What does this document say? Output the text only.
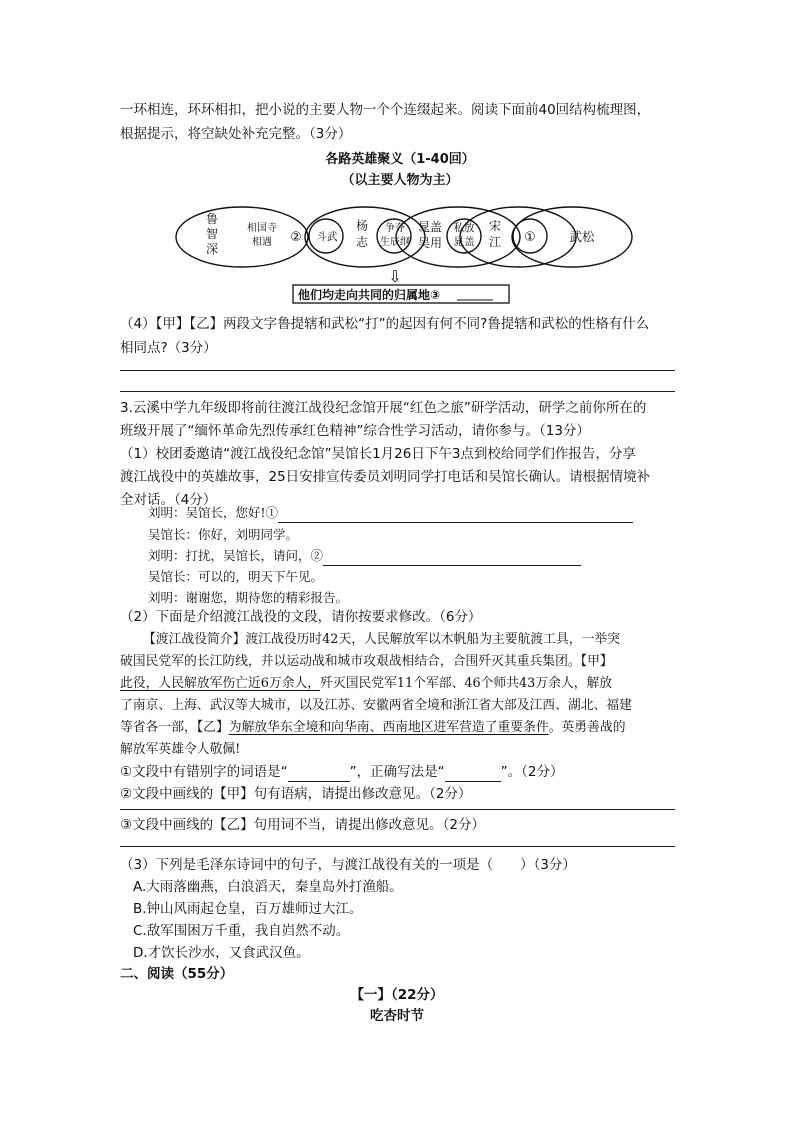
一环相连，环环相扣，把小说的主要人物一个个连缀起来。阅读下面前40回结构梳理图，
根据提示，将空缺处补充完整。（3分）
各路英雄聚义（1-40回）
（以主要人物为主）
鲁
智
深
相国寺
相遇 ② 斗武
杨
志
争夺
生辰纲
晁盖
吴用
私放
晁盖
宋
江 ①	武松
⇩
他们均走向共同的归属地③
（4）【甲】【乙】两段文字鲁提辖和武松“打”的起因有何不同?鲁提辖和武松的性格有什么
相同点?（3分）
3.云溪中学九年级即将前往渡江战役纪念馆开展“红色之旅”研学活动，研学之前你所在的
班级开展了“缅怀革命先烈传承红色精神”综合性学习活动，请你参与。（13分）
（1）校团委邀请“渡江战役纪念馆”吴馆长1月26日下午3点到校给同学们作报告，分享
渡江战役中的英雄故事，25日安排宣传委员刘明同学打电话和吴馆长确认。请根据情境补
全对话。（4分）
刘明：吴馆长，您好!①
吴馆长：你好，刘明同学。
刘明：打扰，吴馆长，请问，②
吴馆长：可以的，明天下午见。
刘明：谢谢您，期待您的精彩报告。
（2）下面是介绍渡江战役的文段，请你按要求修改。（6分）
【渡江战役简介】渡江战役历时42天，人民解放军以木帆船为主要航渡工具，一举突
破国民党军的长江防线，并以运动战和城市攻艰战相结合，合围歼灭其重兵集团。【甲】
此役，人民解放军伤亡近6万余人，歼灭国民党军11个军部、46个师共43万余人，解放
了南京、上海、武汉等大城市，以及江苏、安徽两省全境和浙江省大部及江西、湖北、福建
等省各一部，【乙】为解放华东全境和向华南、西南地区进军营造了重要条件。英勇善战的
解放军英雄令人敬佩!
①文段中有错别字的词语是“	”，正确写法是“	”。（2分）
②文段中画线的【甲】句有语病，请提出修改意见。（2分）
③文段中画线的【乙】句用词不当，请提出修改意见。（2分）
（3）下列是毛泽东诗词中的句子，与渡江战役有关的一项是（　　）（3分）
A.大雨落幽燕，白浪滔天，秦皇岛外打渔船。
B.钟山风雨起仓皇，百万雄师过大江。
C.敌军围困万千重，我自岿然不动。
D.才饮长沙水，又食武汉鱼。
二、阅读（55分）
【一】（22分）
吃杏时节
